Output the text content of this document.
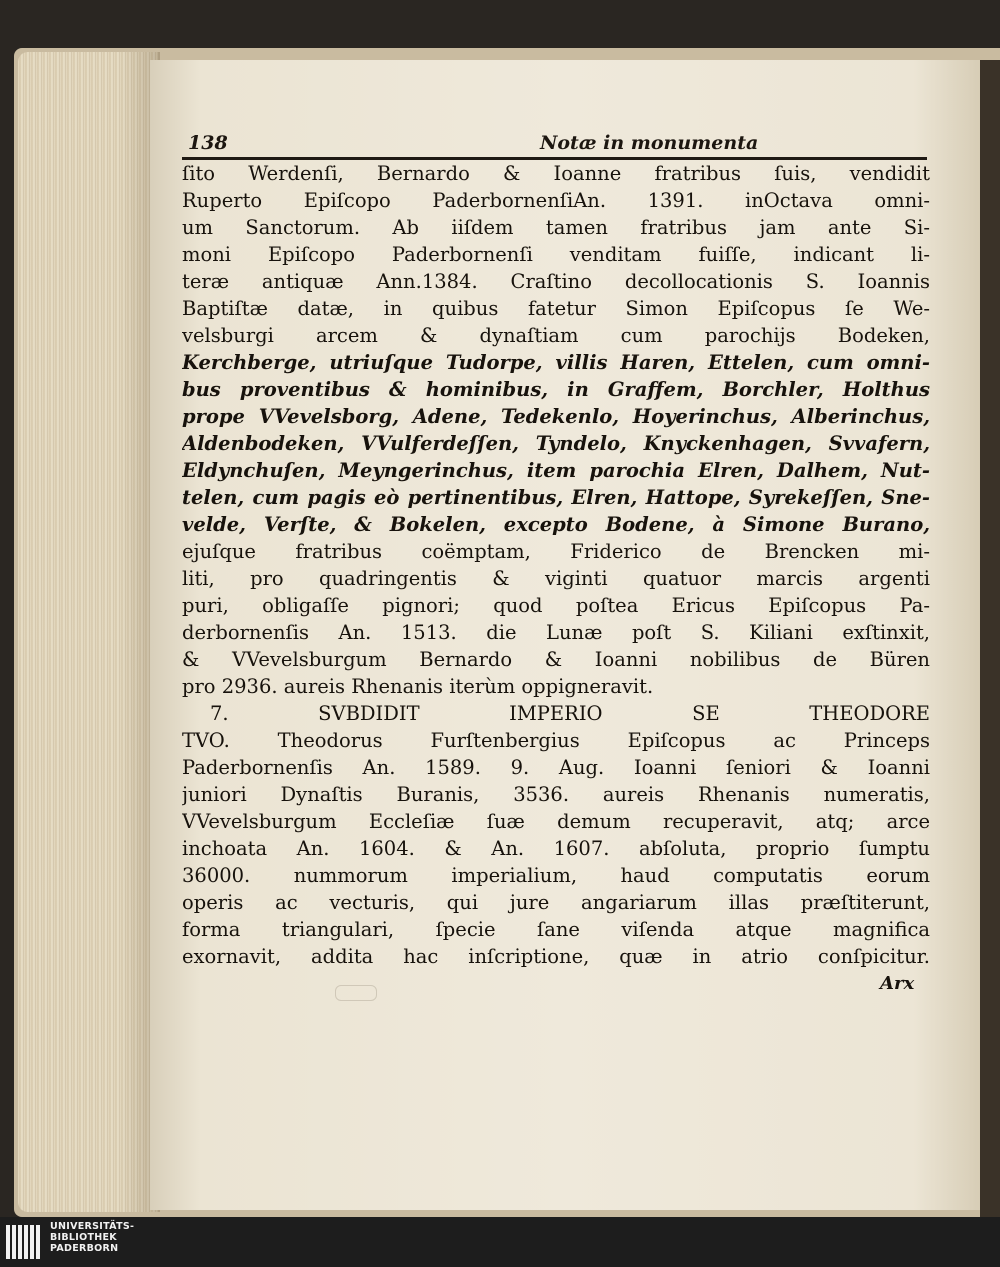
138	Notæ in monumenta
ſito Werdenſi, Bernardo & Ioanne fratribus ſuis, vendidit
Ruperto Epiſcopo PaderbornenſiAn. 1391. inOctava omni-
um Sanctorum. Ab iiſdem tamen fratribus jam ante Si-
moni Epiſcopo Paderbornenſi venditam fuiſſe, indicant li-
teræ antiquæ Ann.1384. Craſtino decollocationis S. Ioannis
Baptiſtæ datæ, in quibus fatetur Simon Epiſcopus ſe We-
velsburgi arcem & dynaſtiam cum parochijs Bodeken,
Kerchberge, utriuſque Tudorpe, villis Haren, Ettelen, cum omni-
bus proventibus & hominibus, in Graffem, Borchler, Holthus
prope VVevelsborg, Adene, Tedekenlo, Hoyerinchus, Alberinchus,
Aldenbodeken, VVulferdeſſen, Tyndelo, Knyckenhagen, Svvafern,
Eldynchuſen, Meyngerinchus, item parochia Elren, Dalhem, Nut-
telen, cum pagis eò pertinentibus, Elren, Hattope, Syrekeſſen, Sne-
velde, Verſte, & Bokelen, excepto Bodene, à Simone Burano,
ejuſque fratribus coëmptam, Friderico de Brencken mi-
liti, pro quadringentis & viginti quatuor marcis argenti
puri, obligaſſe pignori; quod poſtea Ericus Epiſcopus Pa-
derbornenſis An. 1513. die Lunæ poſt S. Kiliani exſtinxit,
& VVevelsburgum Bernardo & Ioanni nobilibus de Büren
pro 2936. aureis Rhenanis iterùm oppigneravit.
7. SVBDIDIT IMPERIO SE THEODORE
TVO. Theodorus Furſtenbergius Epiſcopus ac Princeps
Paderbornenſis An. 1589. 9. Aug. Ioanni ſeniori & Ioanni
juniori Dynaſtis Buranis, 3536. aureis Rhenanis numeratis,
VVevelsburgum Eccleſiæ ſuæ demum recuperavit, atq; arce
inchoata An. 1604. & An. 1607. abſoluta, proprio ſumptu
36000. nummorum imperialium, haud computatis eorum
operis ac vecturis, qui jure angariarum illas præſtiterunt,
forma triangulari, ſpecie ſane viſenda atque magnifica
exornavit, addita hac inſcriptione, quæ in atrio conſpicitur.
Arx
UNIVERSITÄTS-
BIBLIOTHEK
PADERBORN
